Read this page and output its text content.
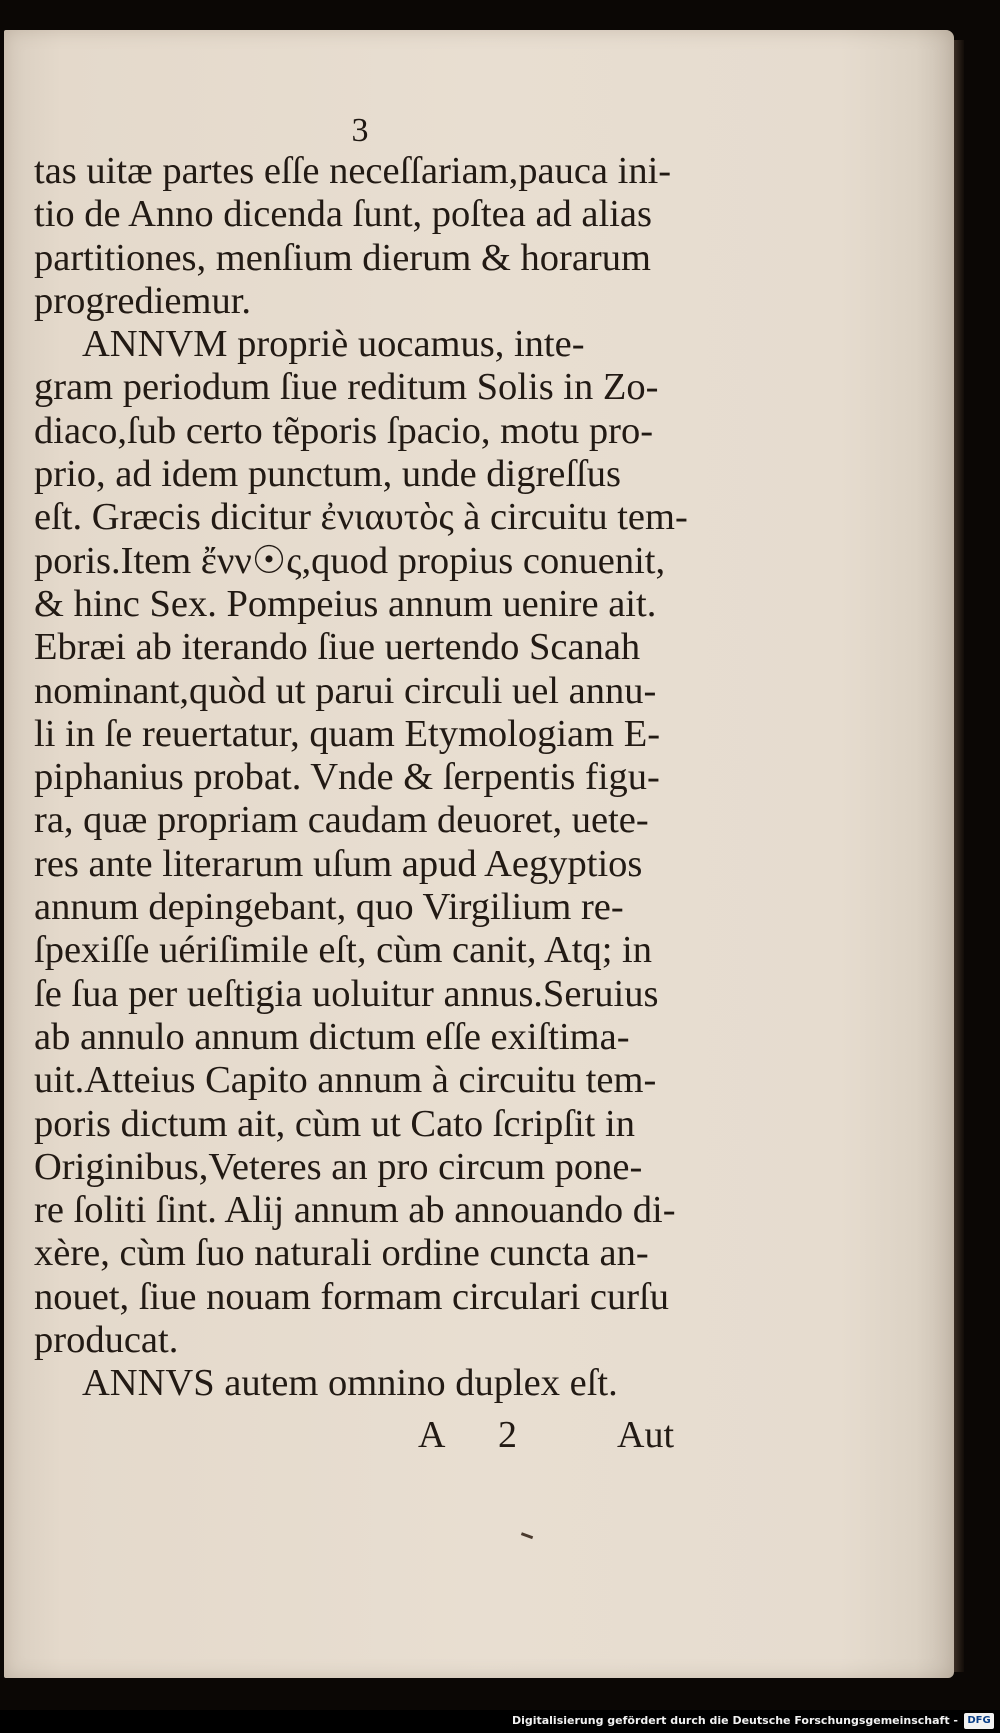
3
tas uitæ partes eſſe neceſſariam,pauca ini-
tio de Anno dicenda ſunt, poſtea ad alias
partitiones, menſium dierum & horarum
progrediemur.
ANNVM propriè uocamus, inte-
gram periodum ſiue reditum Solis in Zo-
diaco,ſub certo tẽporis ſpacio, motu pro-
prio, ad idem punctum, unde digreſſus
eſt. Græcis dicitur ἐνιαυτὸς à circuitu tem-
poris.Item ἔνν☉ς,quod propius conuenit,
& hinc Sex. Pompeius annum uenire ait.
Ebræi ab iterando ſiue uertendo Scanah
nominant,quòd ut parui circuli uel annu-
li in ſe reuertatur, quam Etymologiam E-
piphanius probat. Vnde & ſerpentis figu-
ra, quæ propriam caudam deuoret, uete-
res ante literarum uſum apud Aegyptios
annum depingebant, quo Virgilium re-
ſpexiſſe uériſimile eſt, cùm canit, Atq; in
ſe ſua per ueſtigia uoluitur annus.Seruius
ab annulo annum dictum eſſe exiſtima-
uit.Atteius Capito annum à circuitu tem-
poris dictum ait, cùm ut Cato ſcripſit in
Originibus,Veteres an pro circum pone-
re ſoliti ſint. Alij annum ab annouando di-
xère, cùm ſuo naturali ordine cuncta an-
nouet, ſiue nouam formam circulari curſu
producat.
ANNVS autem omnino duplex eſt.
A 2	Aut
Digitalisierung gefördert durch die Deutsche Forschungsgemeinschaft - DFG
